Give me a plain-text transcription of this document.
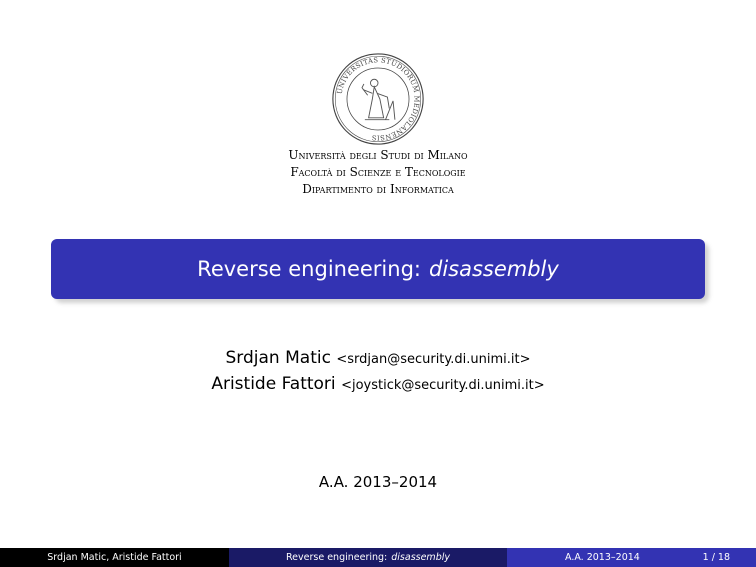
UNIVERSITAS STUDIORUM MEDIOLANENSIS
Università degli Studi di Milano
Facoltà di Scienze e Tecnologie
Dipartimento di Informatica
Reverse engineering: disassembly
Srdjan Matic <srdjan@security.di.unimi.it>
Aristide Fattori <joystick@security.di.unimi.it>
A.A. 2013–2014
Srdjan Matic, Aristide Fattori	Reverse engineering: disassembly	A.A. 2013–2014	1 / 18
